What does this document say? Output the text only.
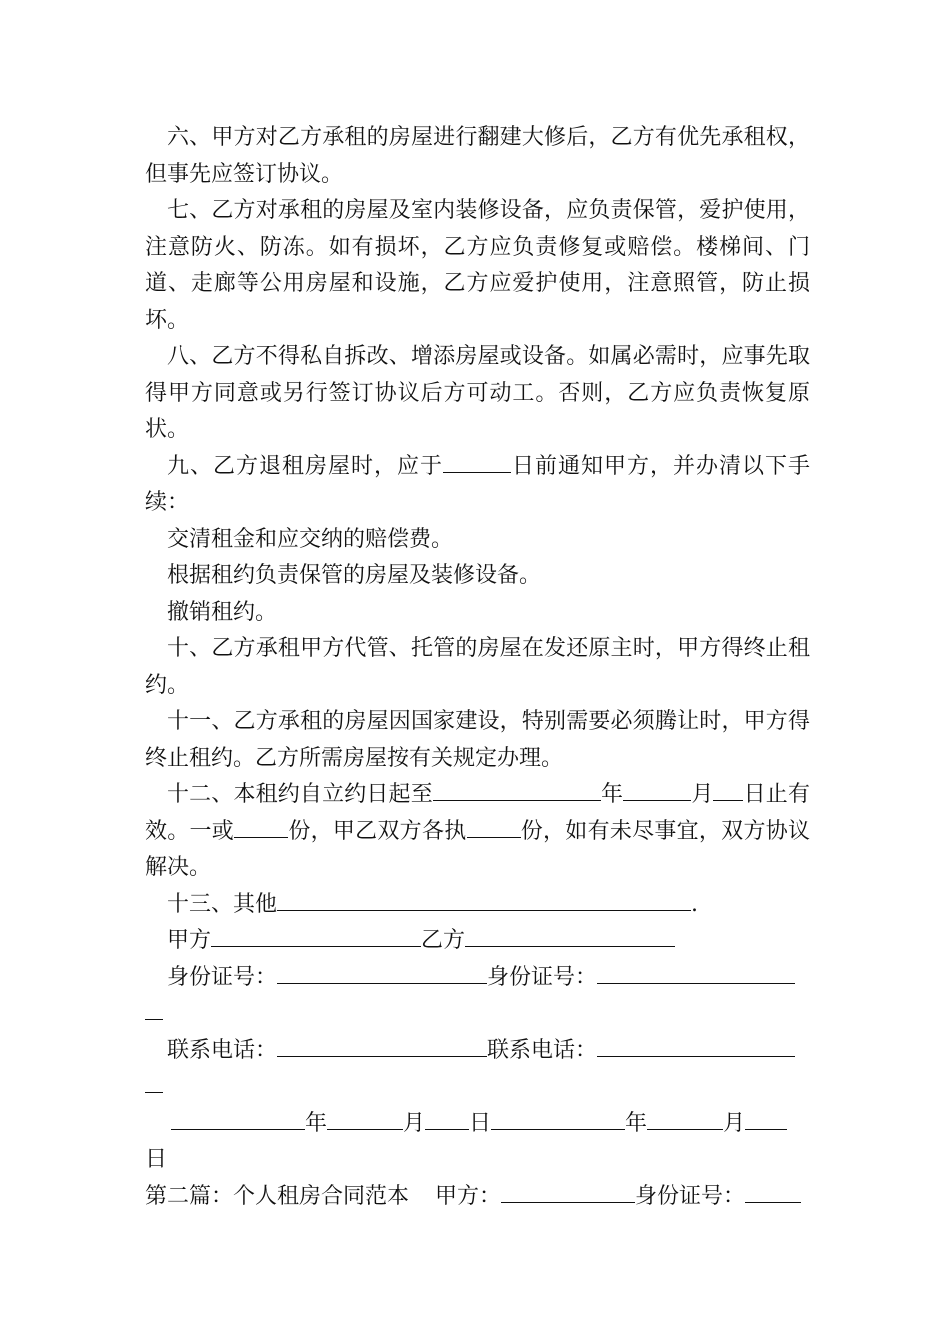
六、甲方对乙方承租的房屋进行翻建大修后，乙方有优先承租权，但事先应签订协议。

七、乙方对承租的房屋及室内装修设备，应负责保管，爱护使用，注意防火、防冻。如有损坏，乙方应负责修复或赔偿。楼梯间、门道、走廊等公用房屋和设施，乙方应爱护使用，注意照管，防止损坏。

八、乙方不得私自拆改、增添房屋或设备。如属必需时，应事先取得甲方同意或另行签订协议后方可动工。否则，乙方应负责恢复原状。

九、乙方退租房屋时，应于	日前通知甲方，并办清以下手续：

交清租金和应交纳的赔偿费。

根据租约负责保管的房屋及装修设备。

撤销租约。

十、乙方承租甲方代管、托管的房屋在发还原主时，甲方得终止租约。

十一、乙方承租的房屋因国家建设，特别需要必须腾让时，甲方得终止租约。乙方所需房屋按有关规定办理。

十二、本租约自立约日起至	年	月 日止有效。一或 份，甲乙双方各执 份，如有未尽事宜，双方协议解决。

十三、其他	.

甲方	乙方

身份证号：	身份证号：

联系电话：	联系电话：

年	月 日	年	月

日

第二篇：个人租房合同范本 甲方：	身份证号：
